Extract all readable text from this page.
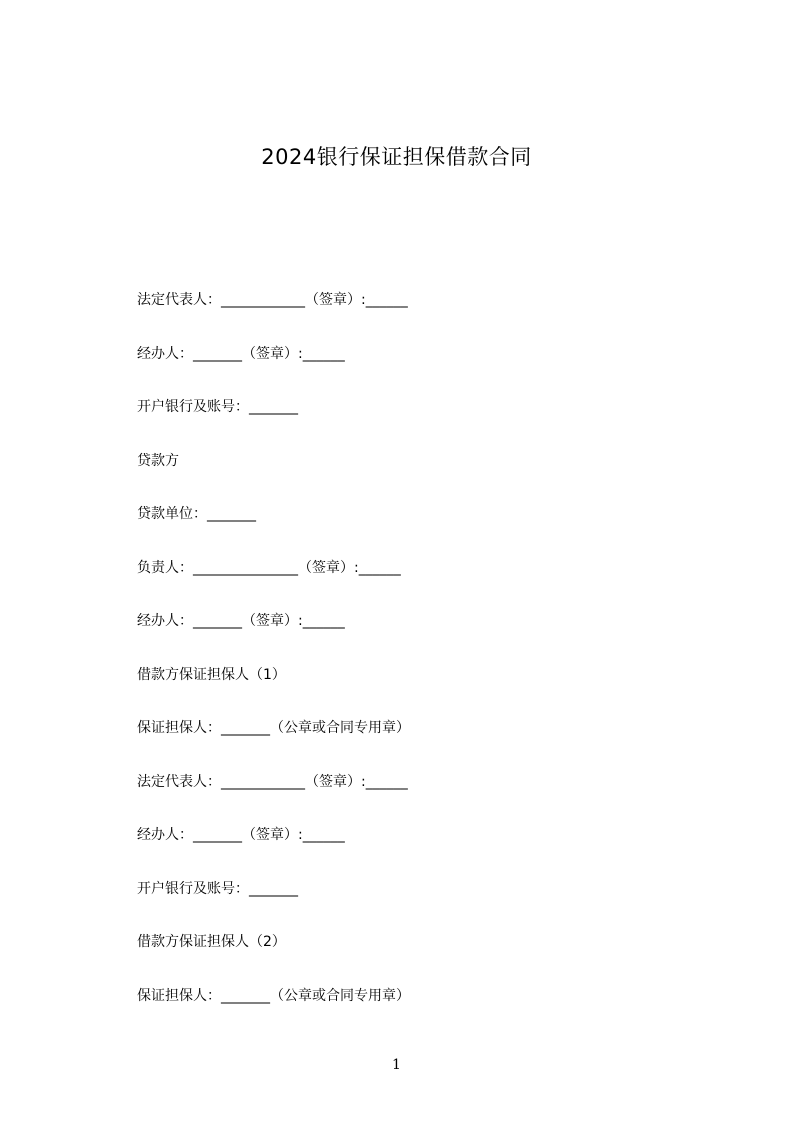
2024银行保证担保借款合同
法定代表人：____________（签章）:______
经办人：_______（签章）:______
开户银行及账号：_______
贷款方
贷款单位：_______
负责人：_______________（签章）:______
经办人：_______（签章）:______
借款方保证担保人（1）
保证担保人：_______（公章或合同专用章）
法定代表人：____________（签章）:______
经办人：_______（签章）:______
开户银行及账号：_______
借款方保证担保人（2）
保证担保人：_______（公章或合同专用章）
1
